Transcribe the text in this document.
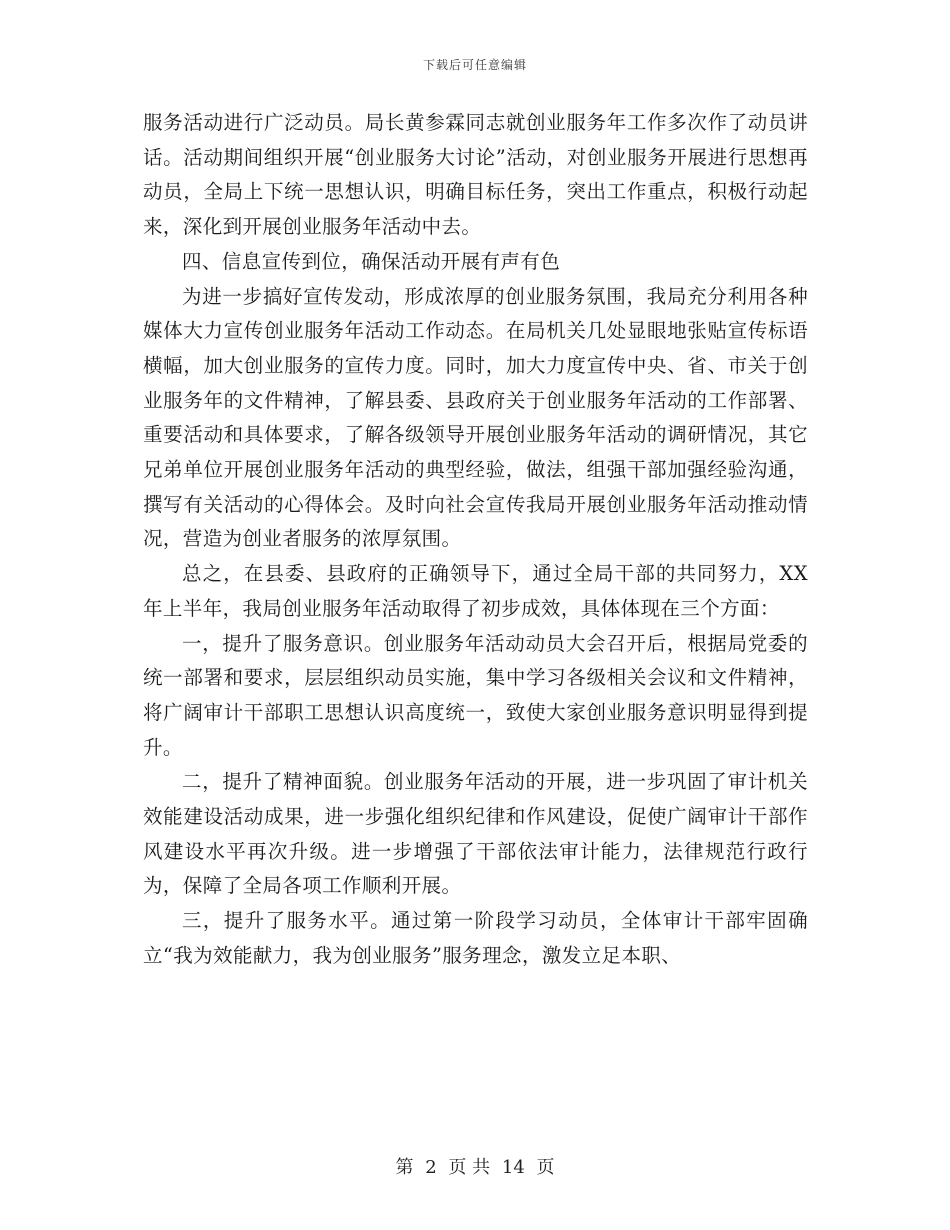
下载后可任意编辑

服务活动进行广泛动员。局长黄参霖同志就创业服务年工作多次作了动员讲话。活动期间组织开展“创业服务大讨论”活动，对创业服务开展进行思想再动员，全局上下统一思想认识，明确目标任务，突出工作重点，积极行动起来，深化到开展创业服务年活动中去。

四、信息宣传到位，确保活动开展有声有色

为进一步搞好宣传发动，形成浓厚的创业服务氛围，我局充分利用各种媒体大力宣传创业服务年活动工作动态。在局机关几处显眼地张贴宣传标语横幅，加大创业服务的宣传力度。同时，加大力度宣传中央、省、市关于创业服务年的文件精神，了解县委、县政府关于创业服务年活动的工作部署、重要活动和具体要求，了解各级领导开展创业服务年活动的调研情况，其它兄弟单位开展创业服务年活动的典型经验，做法，组强干部加强经验沟通，撰写有关活动的心得体会。及时向社会宣传我局开展创业服务年活动推动情况，营造为创业者服务的浓厚氛围。

总之，在县委、县政府的正确领导下，通过全局干部的共同努力，XX 年上半年，我局创业服务年活动取得了初步成效，具体体现在三个方面：

一，提升了服务意识。创业服务年活动动员大会召开后，根据局党委的统一部署和要求，层层组织动员实施，集中学习各级相关会议和文件精神，将广阔审计干部职工思想认识高度统一，致使大家创业服务意识明显得到提升。

二，提升了精神面貌。创业服务年活动的开展，进一步巩固了审计机关效能建设活动成果，进一步强化组织纪律和作风建设，促使广阔审计干部作风建设水平再次升级。进一步增强了干部依法审计能力，法律规范行政行为，保障了全局各项工作顺利开展。

三，提升了服务水平。通过第一阶段学习动员，全体审计干部牢固确立“我为效能献力，我为创业服务”服务理念，激发立足本职、

第 2 页 共 14 页
